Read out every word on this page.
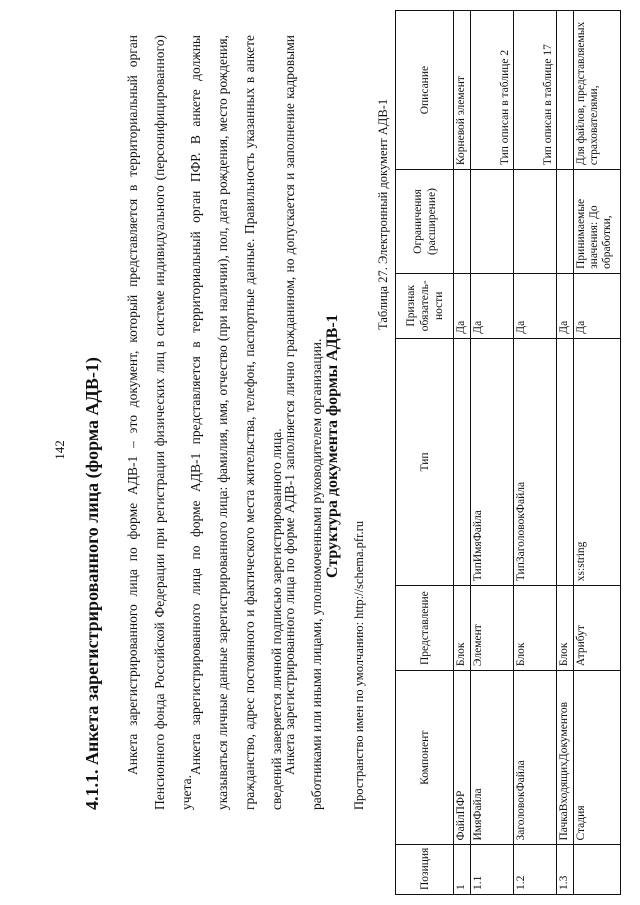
142 4.1.1. Анкета зарегистрированного лица (форма АДВ-1)	Анкета зарегистрированного лица по форме АДВ-1 – это документ, который представляется в территориальный орган Пенсионного фонда Российской Федерации при регистрации физических лиц в системе индивидуального (персонифицированного) учета.

Анкета зарегистрированного лица по форме АДВ-1 представляется в территориальный орган ПФР. В анкете должны указываться личные данные зарегистрированного лица: фамилия, имя, отчество (при наличии), пол, дата рождения, место рождения, гражданство, адрес постоянного и фактического места жительства, телефон, паспортные данные. Правильность указанных в анкете сведений заверяется личной подписью зарегистрированного лица.

Анкета зарегистрированного лица по форме АДВ-1 заполняется лично гражданином, но допускается и заполнение кадровыми работниками или иными лицами, уполномоченными руководителем организации. Структура документа формы АДВ-1
Пространство имен по умолчанию: http://schema.pfr.ru
Таблица 27. Электронный документ АДВ-1
Позиция	Компонент	Представление	Тип	Признак обязатель-ности	Ограничения (расширение)	Описание
1	ФайлПФР	Блок		Да		Корневой элемент
1.1	ИмяФайла	Элемент	ТипИмяФайла	Да		Тип описан в таблице 2
1.2	ЗаголовокФайла	Блок	ТипЗаголовокФайла	Да		Тип описан в таблице 17
1.3	ПачкаВходящихДокументов	Блок		Да		
	Стадия	Атрибут	xs:string	Да	Принимаемые значения: До обработки,	Для файлов, представляемых страхователями,
